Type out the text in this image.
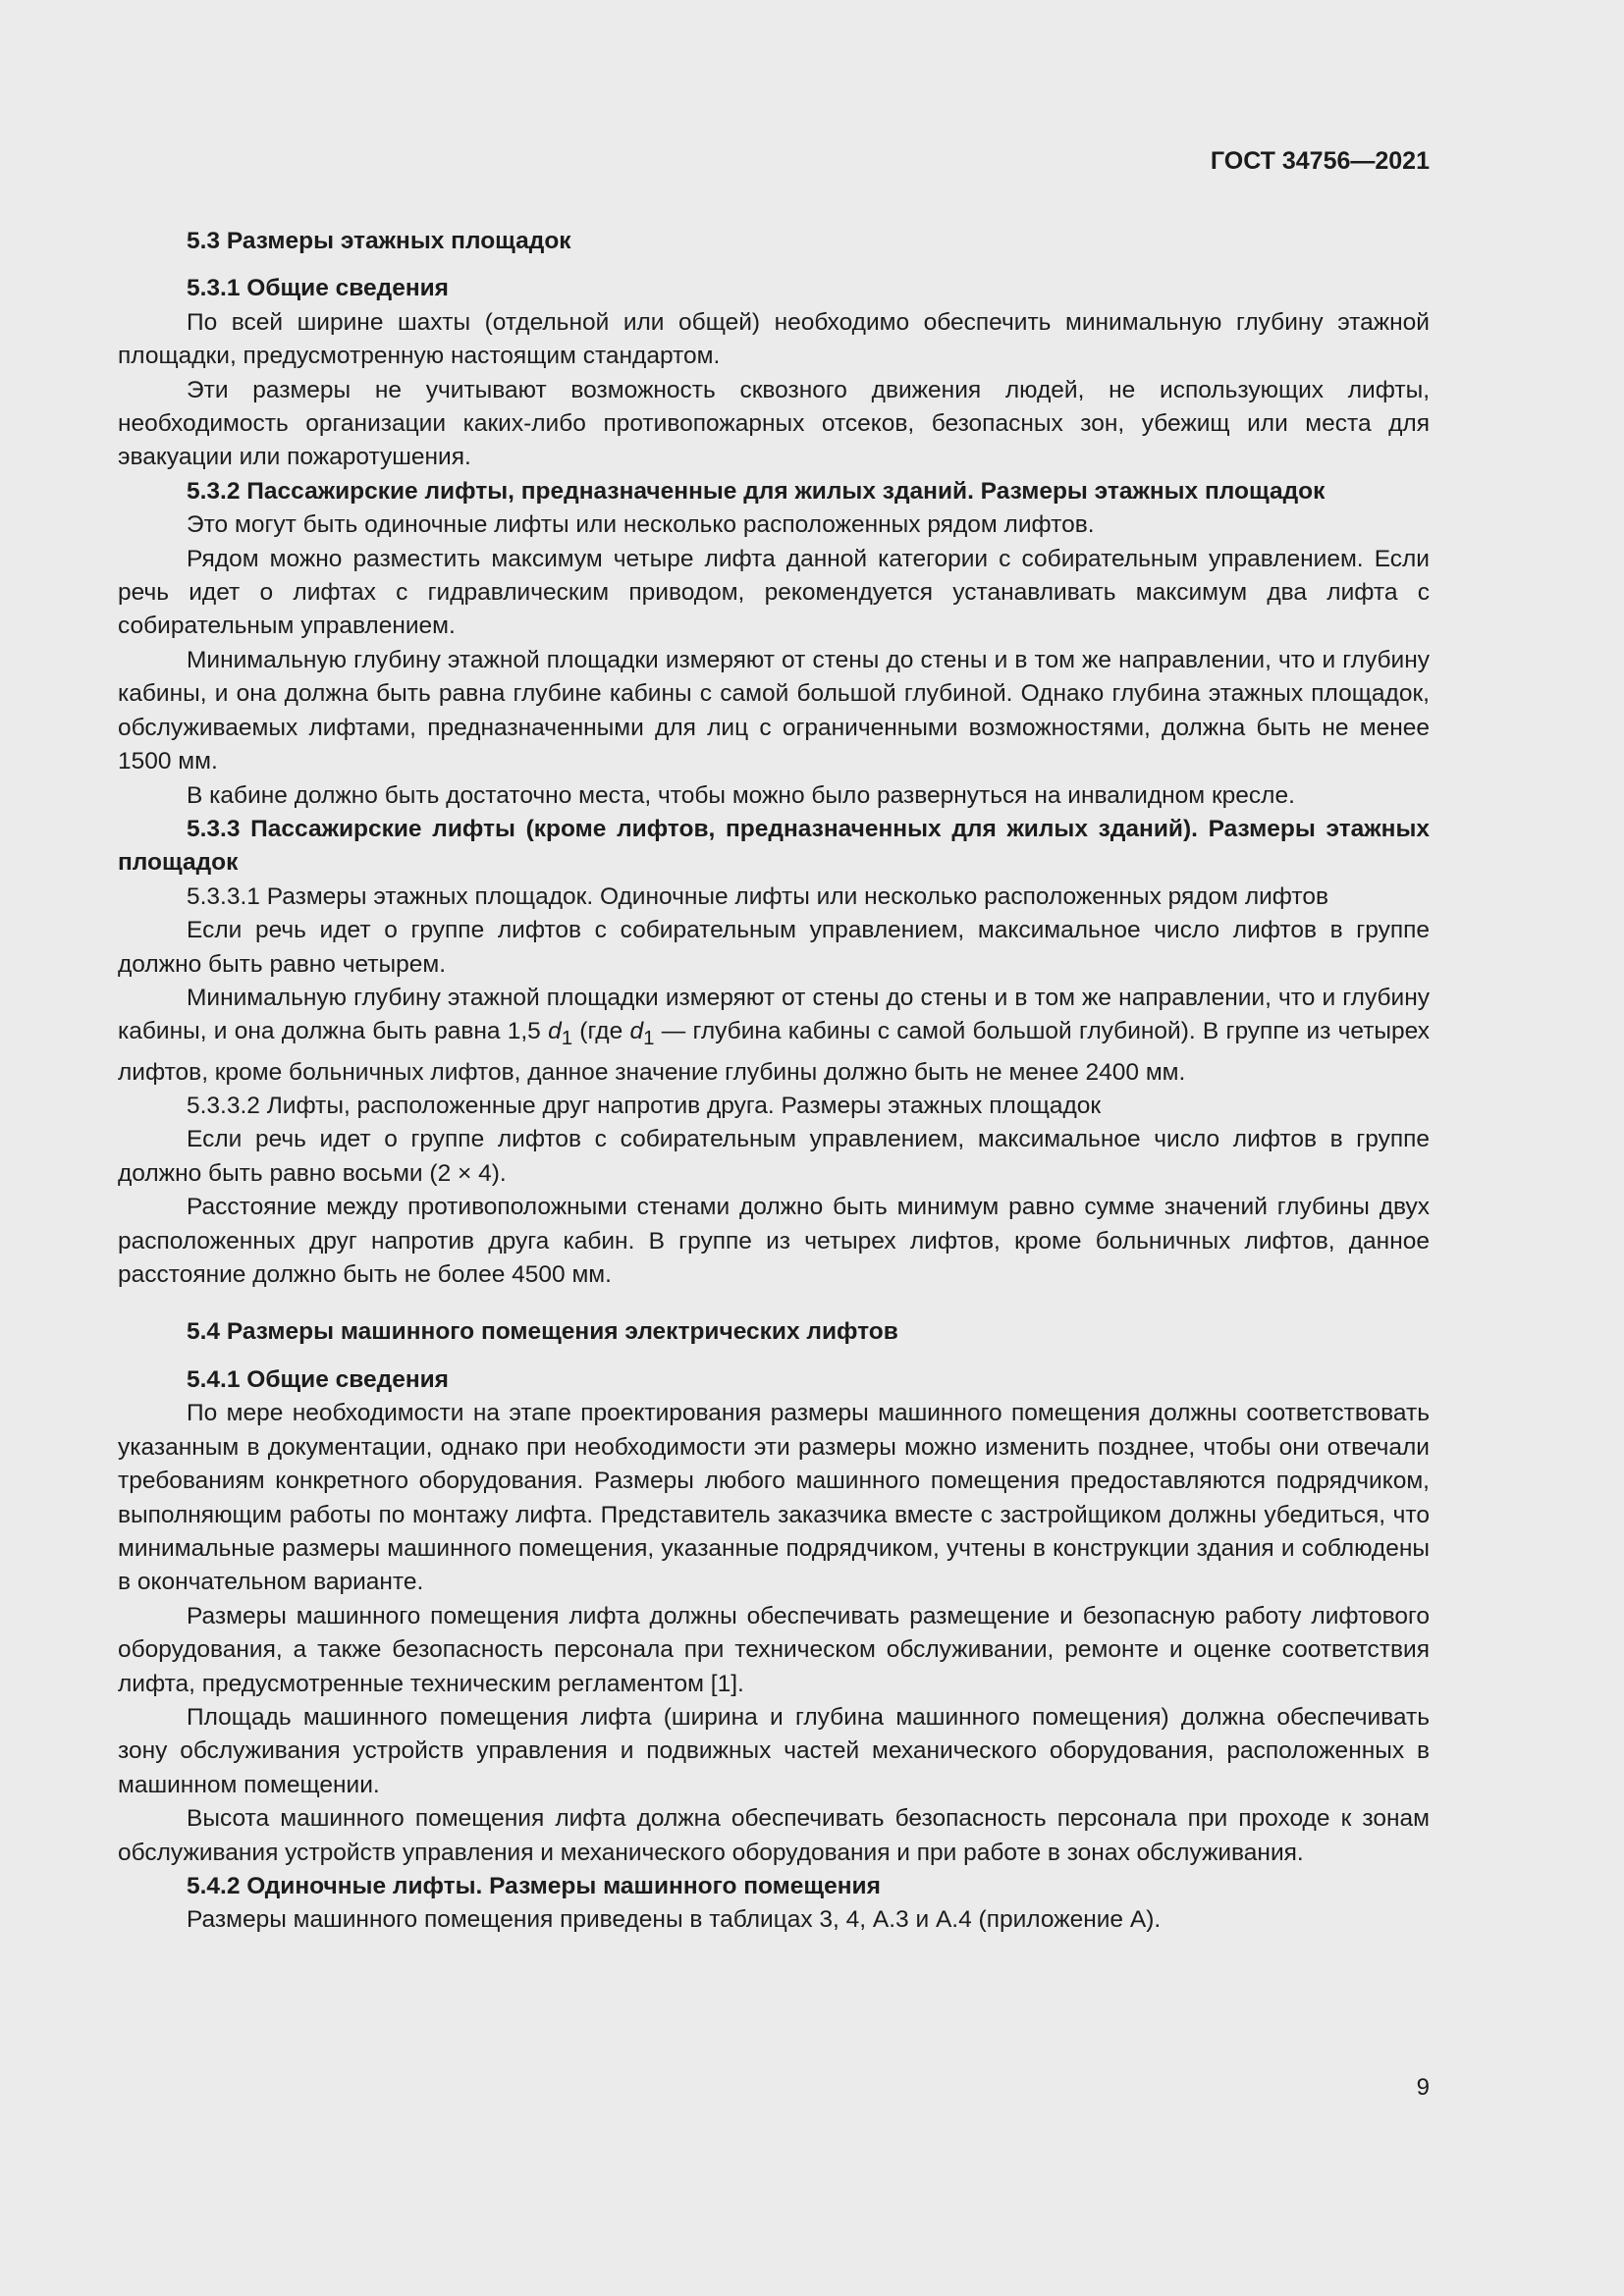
ГОСТ 34756—2021

5.3 Размеры этажных площадок

5.3.1 Общие сведения

По всей ширине шахты (отдельной или общей) необходимо обеспечить минимальную глубину этажной площадки, предусмотренную настоящим стандартом.

Эти размеры не учитывают возможность сквозного движения людей, не использующих лифты, необходимость организации каких-либо противопожарных отсеков, безопасных зон, убежищ или места для эвакуации или пожаротушения.

5.3.2 Пассажирские лифты, предназначенные для жилых зданий. Размеры этажных площадок

Это могут быть одиночные лифты или несколько расположенных рядом лифтов.

Рядом можно разместить максимум четыре лифта данной категории с собирательным управлением. Если речь идет о лифтах с гидравлическим приводом, рекомендуется устанавливать максимум два лифта с собирательным управлением.

Минимальную глубину этажной площадки измеряют от стены до стены и в том же направлении, что и глубину кабины, и она должна быть равна глубине кабины с самой большой глубиной. Однако глубина этажных площадок, обслуживаемых лифтами, предназначенными для лиц с ограниченными возможностями, должна быть не менее 1500 мм.

В кабине должно быть достаточно места, чтобы можно было развернуться на инвалидном кресле.

5.3.3 Пассажирские лифты (кроме лифтов, предназначенных для жилых зданий). Размеры этажных площадок

5.3.3.1 Размеры этажных площадок. Одиночные лифты или несколько расположенных рядом лифтов

Если речь идет о группе лифтов с собирательным управлением, максимальное число лифтов в группе должно быть равно четырем.

Минимальную глубину этажной площадки измеряют от стены до стены и в том же направлении, что и глубину кабины, и она должна быть равна 1,5 $d_1$ (где $d_1$ — глубина кабины с самой большой глубиной). В группе из четырех лифтов, кроме больничных лифтов, данное значение глубины должно быть не менее 2400 мм.

5.3.3.2 Лифты, расположенные друг напротив друга. Размеры этажных площадок

Если речь идет о группе лифтов с собирательным управлением, максимальное число лифтов в группе должно быть равно восьми (2 × 4).

Расстояние между противоположными стенами должно быть минимум равно сумме значений глубины двух расположенных друг напротив друга кабин. В группе из четырех лифтов, кроме больничных лифтов, данное расстояние должно быть не более 4500 мм.

5.4 Размеры машинного помещения электрических лифтов

5.4.1 Общие сведения

По мере необходимости на этапе проектирования размеры машинного помещения должны соответствовать указанным в документации, однако при необходимости эти размеры можно изменить позднее, чтобы они отвечали требованиям конкретного оборудования. Размеры любого машинного помещения предоставляются подрядчиком, выполняющим работы по монтажу лифта. Представитель заказчика вместе с застройщиком должны убедиться, что минимальные размеры машинного помещения, указанные подрядчиком, учтены в конструкции здания и соблюдены в окончательном варианте.

Размеры машинного помещения лифта должны обеспечивать размещение и безопасную работу лифтового оборудования, а также безопасность персонала при техническом обслуживании, ремонте и оценке соответствия лифта, предусмотренные техническим регламентом [1].

Площадь машинного помещения лифта (ширина и глубина машинного помещения) должна обеспечивать зону обслуживания устройств управления и подвижных частей механического оборудования, расположенных в машинном помещении.

Высота машинного помещения лифта должна обеспечивать безопасность персонала при проходе к зонам обслуживания устройств управления и механического оборудования и при работе в зонах обслуживания.

5.4.2 Одиночные лифты. Размеры машинного помещения

Размеры машинного помещения приведены в таблицах 3, 4, А.3 и А.4 (приложение А).

9
